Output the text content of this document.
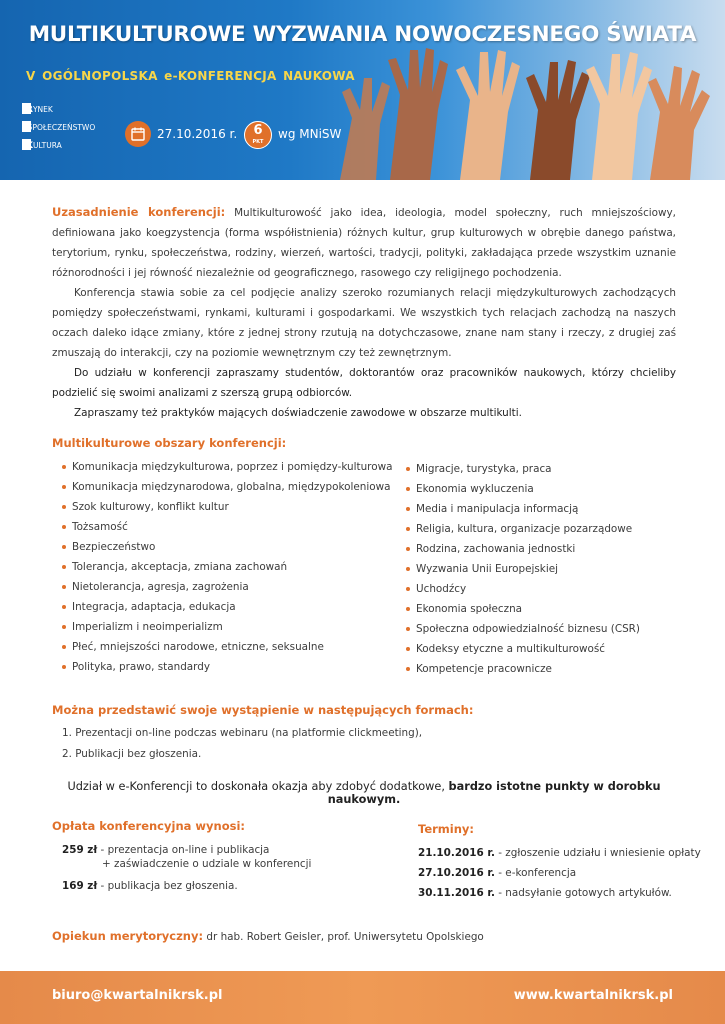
MULTIKULTUROWE WYZWANIA NOWOCZESNEGO ŚWIATA
V OGÓLNOPOLSKA e-KONFERENCJA NAUKOWA
RYNEK
SPOŁECZEŃSTWO
KULTURA
27.10.2016 r.	6
PKT
wg MNiSW

Uzasadnienie konferencji: Multikulturowość jako idea, ideologia, model społeczny, ruch mniejszościowy, definiowana jako koegzystencja (forma współistnienia) różnych kultur, grup kulturowych w obrębie danego państwa, terytorium, rynku, społeczeństwa, rodziny, wierzeń, wartości, tradycji, polityki, zakładająca przede wszystkim uznanie różnorodności i jej równość niezależnie od geograficznego, rasowego czy religijnego pochodzenia.

Konferencja stawia sobie za cel podjęcie analizy szeroko rozumianych relacji międzykulturowych zachodzących pomiędzy społeczeństwami, rynkami, kulturami i gospodarkami. We wszystkich tych relacjach zachodzą na naszych oczach daleko idące zmiany, które z jednej strony rzutują na dotychczasowe, znane nam stany i rzeczy, z drugiej zaś zmuszają do interakcji, czy na poziomie wewnętrznym czy też zewnętrznym.

Do udziału w konferencji zapraszamy studentów, doktorantów oraz pracowników naukowych, którzy chcieliby podzielić się swoimi analizami z szerszą grupą odbiorców.

Zapraszamy też praktyków mających doświadczenie zawodowe w obszarze multikulti.

Multikulturowe obszary konferencji:
Komunikacja międzykulturowa, poprzez i pomiędzy-kulturowa
Komunikacja międzynarodowa, globalna, międzypokoleniowa
Szok kulturowy, konflikt kultur
Tożsamość
Bezpieczeństwo
Tolerancja, akceptacja, zmiana zachowań
Nietolerancja, agresja, zagrożenia
Integracja, adaptacja, edukacja
Imperializm i neoimperializm
Płeć, mniejszości narodowe, etniczne, seksualne
Polityka, prawo, standardy
Migracje, turystyka, praca
Ekonomia wykluczenia
Media i manipulacja informacją
Religia, kultura, organizacje pozarządowe
Rodzina, zachowania jednostki
Wyzwania Unii Europejskiej
Uchodźcy
Ekonomia społeczna
Społeczna odpowiedzialność biznesu (CSR)
Kodeksy etyczne a multikulturowość
Kompetencje pracownicze
Można przedstawić swoje wystąpienie w następujących formach:
1. Prezentacji on-line podczas webinaru (na platformie clickmeeting),
2. Publikacji bez głoszenia.
Udział w e-Konferencji to doskonała okazja aby zdobyć dodatkowe, bardzo istotne punkty w dorobku naukowym.
Opłata konferencyjna wynosi:
259 zł - prezentacja on-line i publikacja
+ zaświadczenie o udziale w konferencji
169 zł - publikacja bez głoszenia.
Terminy:
21.10.2016 r. - zgłoszenie udziału i wniesienie opłaty
27.10.2016 r. - e-konferencja
30.11.2016 r. - nadsyłanie gotowych artykułów.
Opiekun merytoryczny: dr hab. Robert Geisler, prof. Uniwersytetu Opolskiego
biuro@kwartalnikrsk.pl	www.kwartalnikrsk.pl
